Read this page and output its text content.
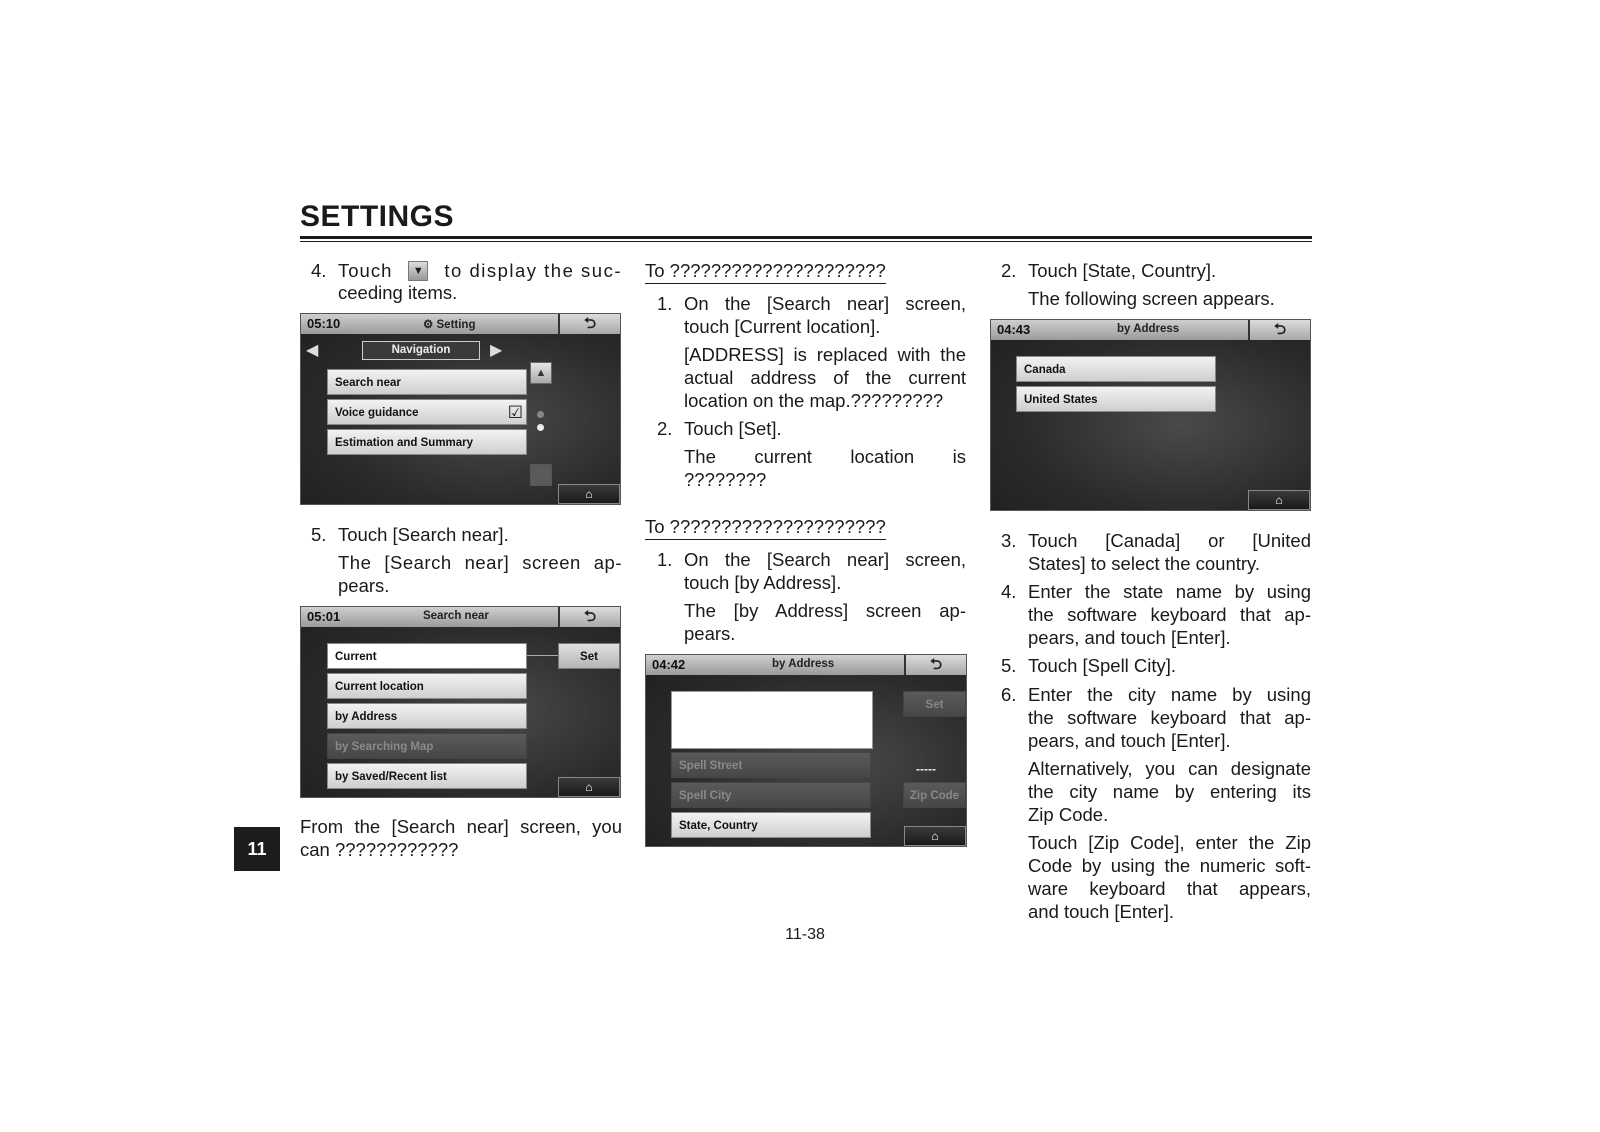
SETTINGS
4. Touch	▼ to display the suc-
ceeding items.
05:10	⚙ Setting	⮌
◀	Navigation	▶
Search near
Voice guidance	☑
Estimation and Summary
▲
⌂
5. Touch [Search near].
The [Search near] screen ap-
pears.
05:01	Search near	⮌
Current	Set
Current location
by Address
by Searching Map
by Saved/Recent list
⌂
From the [Search near] screen, you
can ????????????
To ?????????????????????
1. On the [Search near] screen,
touch [Current location].
[ADDRESS] is replaced with the
actual address of the current
location on the map.?????????
2. Touch [Set].
The current location is
????????
To ?????????????????????
1. On the [Search near] screen,
touch [by Address].
The [by Address] screen ap-
pears.
04:42	by Address	⮌
Set
Spell Street	-----
Spell City	Zip Code
State, Country
⌂
2. Touch [State, Country].
The following screen appears.
04:43	by Address	⮌
Canada
United States
⌂
3. Touch [Canada] or [United
States] to select the country.
4. Enter the state name by using
the software keyboard that ap-
pears, and touch [Enter].
5. Touch [Spell City].
6. Enter the city name by using
the software keyboard that ap-
pears, and touch [Enter].
Alternatively, you can designate
the city name by entering its
Zip Code.
Touch [Zip Code], enter the Zip
Code by using the numeric soft-
ware keyboard that appears,
and touch [Enter].
11
11-38
